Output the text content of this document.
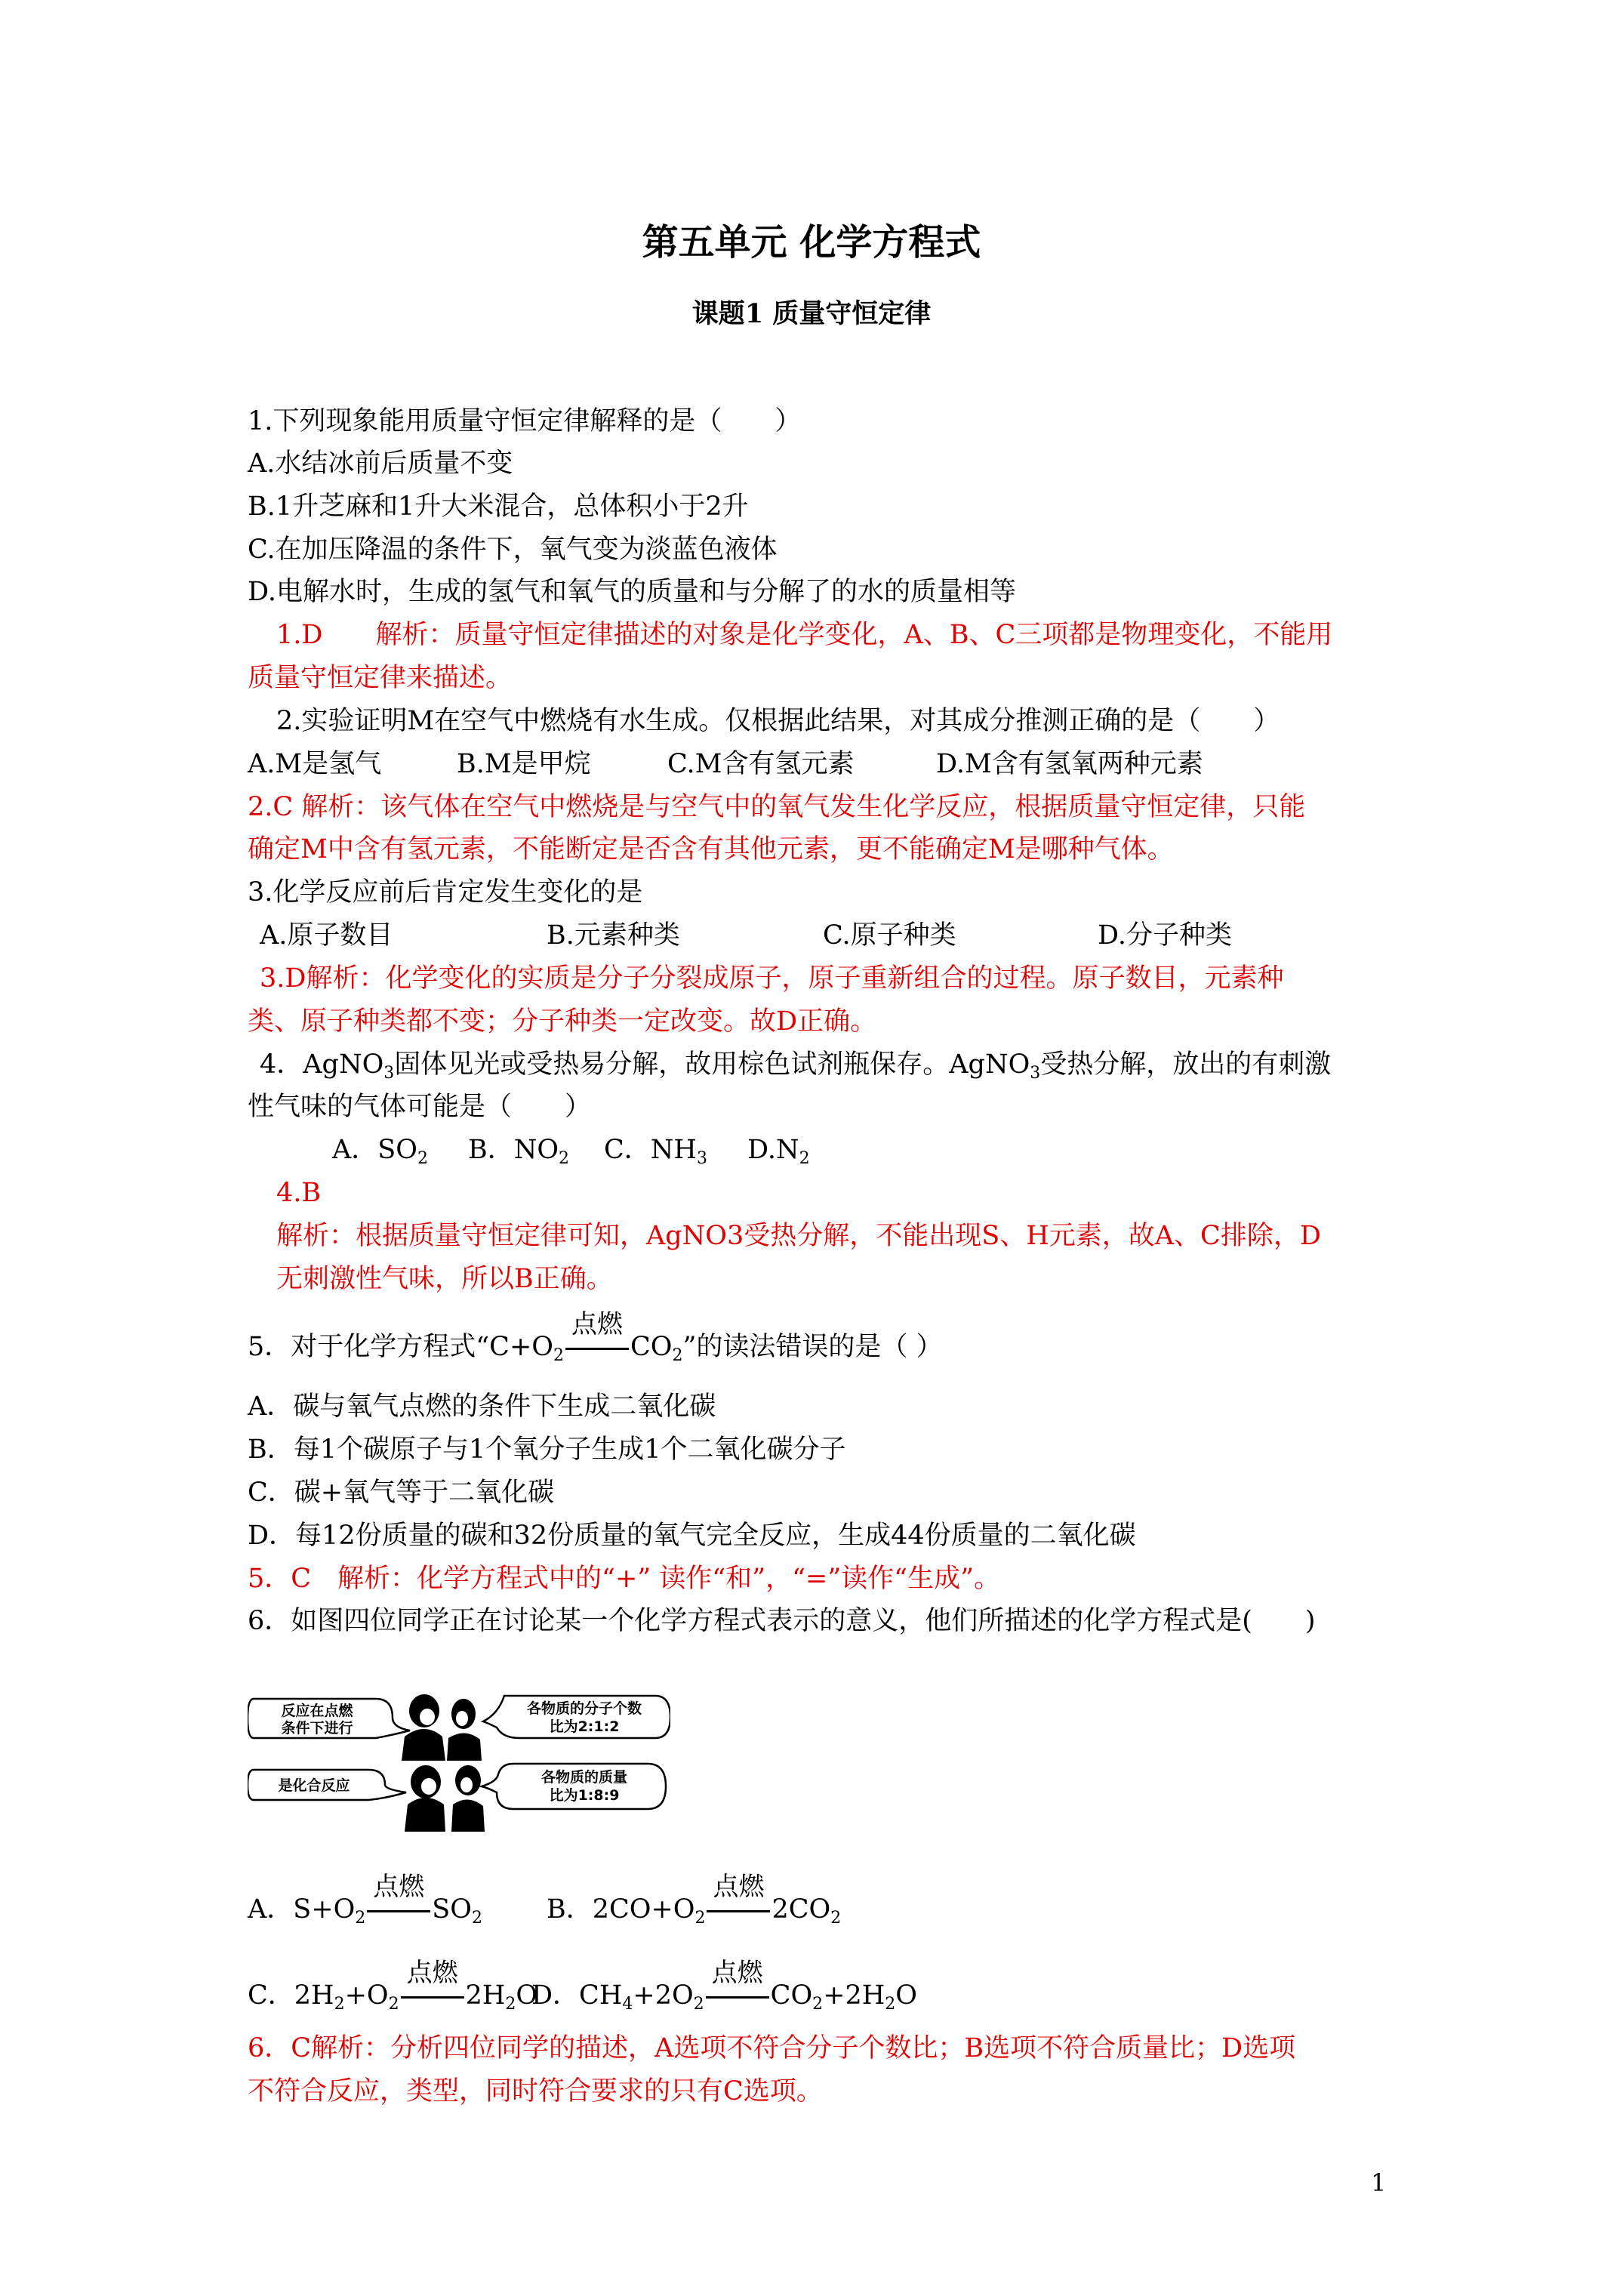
第五单元 化学方程式
课题1 质量守恒定律
1.下列现象能用质量守恒定律解释的是（　　）
A.水结冰前后质量不变
B.1升芝麻和1升大米混合，总体积小于2升
C.在加压降温的条件下，氧气变为淡蓝色液体
D.电解水时，生成的氢气和氧气的质量和与分解了的水的质量相等
1.D　　解析：质量守恒定律描述的对象是化学变化，A、B、C三项都是物理变化，不能用
质量守恒定律来描述。
2.实验证明M在空气中燃烧有水生成。仅根据此结果，对其成分推测正确的是（　　）
A.M是氢气	B.M是甲烷	C.M含有氢元素	D.M含有氢氧两种元素
2.C 解析：该气体在空气中燃烧是与空气中的氧气发生化学反应，根据质量守恒定律，只能
确定M中含有氢元素，不能断定是否含有其他元素，更不能确定M是哪种气体。
3.化学反应前后肯定发生变化的是
A.原子数目	B.元素种类	C.原子种类	D.分子种类
3.D解析：化学变化的实质是分子分裂成原子，原子重新组合的过程。原子数目，元素种
类、原子种类都不变；分子种类一定改变。故D正确。
4．AgNO$_3$固体见光或受热易分解，故用棕色试剂瓶保存。AgNO$_3$受热分解，放出的有刺激
性气味的气体可能是（　　）
A．$SO_2$ B．$NO_2$ C．$NH_3$ $D.N_2$
4.B
解析：根据质量守恒定律可知，AgNO3受热分解，不能出现S、H元素，故A、C排除，D
无刺激性气味，所以B正确。
5．对于化学方程式“$C+O_2$
点燃
$CO_2$”的读法错误的是（ ）
A．碳与氧气点燃的条件下生成二氧化碳
B．每1个碳原子与1个氧分子生成1个二氧化碳分子
C．碳+氧气等于二氧化碳
D．每12份质量的碳和32份质量的氧气完全反应，生成44份质量的二氧化碳
5．C　解析：化学方程式中的“+” 读作“和”，“=”读作“生成”。
6．如图四位同学正在讨论某一个化学方程式表示的意义，他们所描述的化学方程式是(　　)
反应在点燃
条件下进行
各物质的分子个数
比为2:1:2
是化合反应	各物质的质量
比为1:8:9
A．$S+O_2$
点燃
$SO_2$ B．$2CO+O_2$
点燃
$2CO_2$
C．$2H_2+O_2$
点燃
$2H_2O$
D．$CH_4+2O_2$
点燃
$CO_2+2H_2O$
6．C解析：分析四位同学的描述，A选项不符合分子个数比；B选项不符合质量比；D选项
不符合反应，类型，同时符合要求的只有C选项。
1
